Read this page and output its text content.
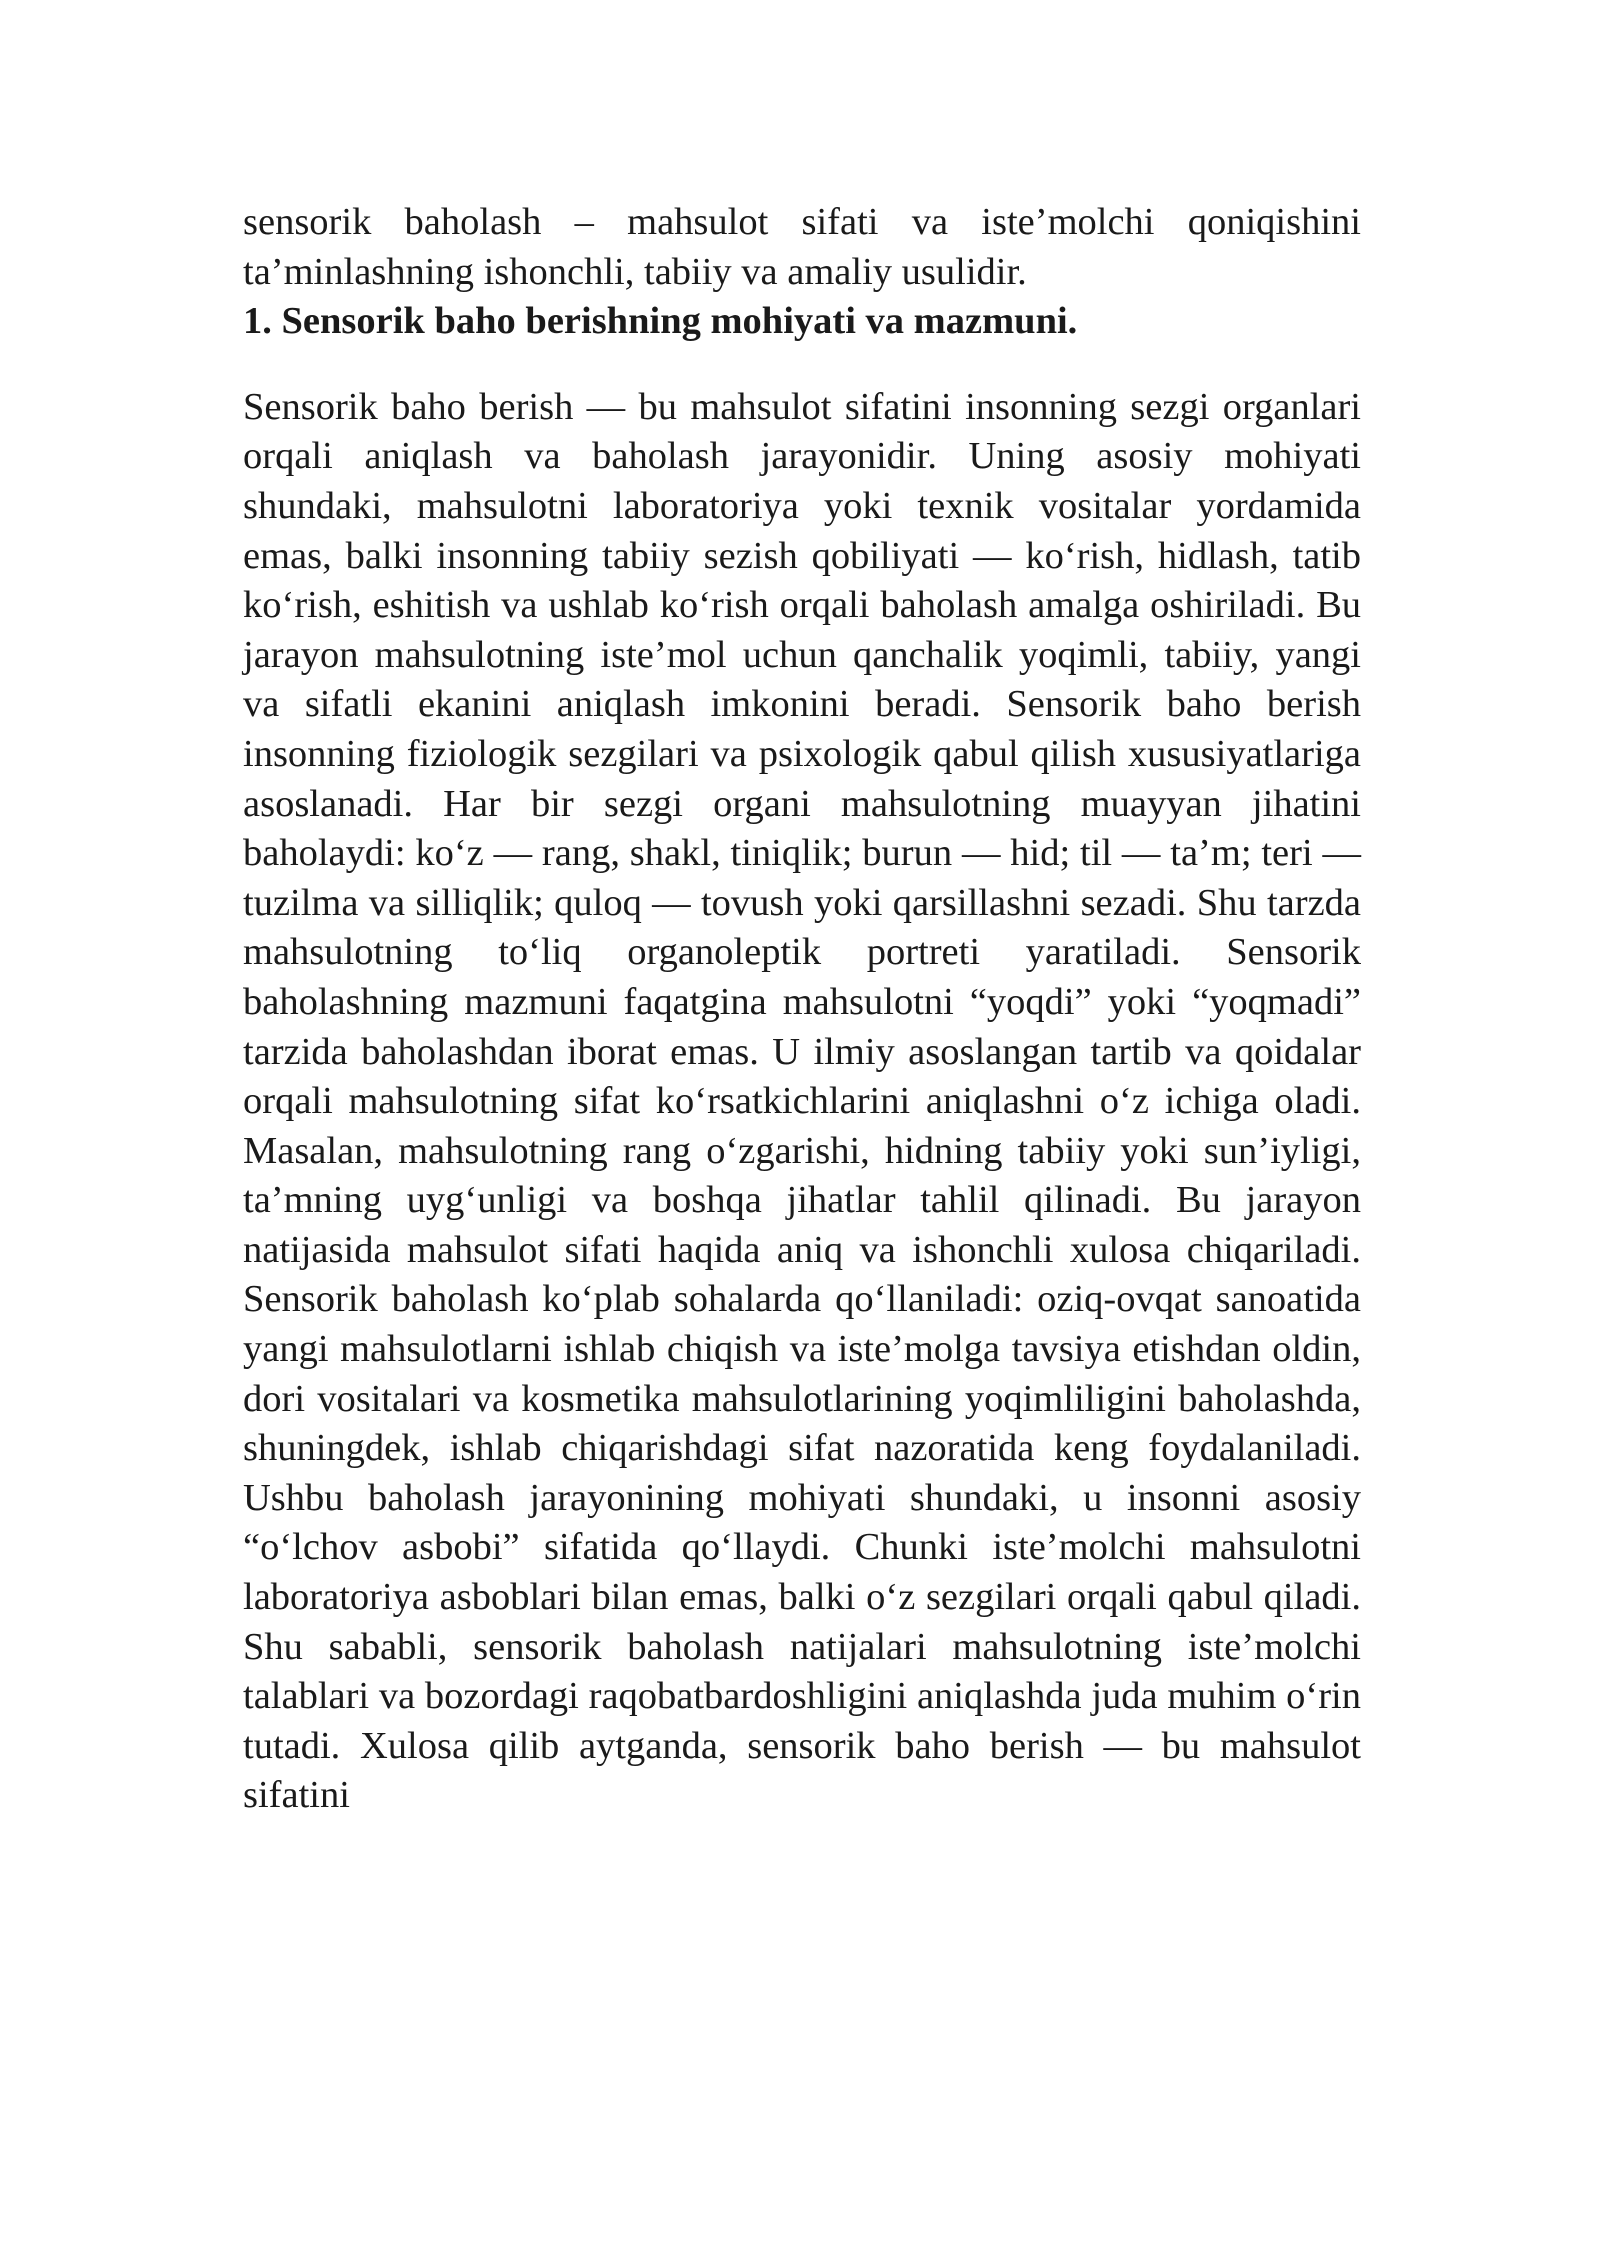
sensorik baholash – mahsulot sifati va iste’molchi qoniqishini ta’minlashning ishonchli, tabiiy va amaliy usulidir.

1. Sensorik baho berishning mohiyati va mazmuni.

Sensorik baho berish — bu mahsulot sifatini insonning sezgi organlari orqali aniqlash va baholash jarayonidir. Uning asosiy mohiyati shundaki, mahsulotni laboratoriya yoki texnik vositalar yordamida emas, balki insonning tabiiy sezish qobiliyati — ko‘rish, hidlash, tatib ko‘rish, eshitish va ushlab ko‘rish orqali baholash amalga oshiriladi. Bu jarayon mahsulotning iste’mol uchun qanchalik yoqimli, tabiiy, yangi va sifatli ekanini aniqlash imkonini beradi. Sensorik baho berish insonning fiziologik sezgilari va psixologik qabul qilish xususiyatlariga asoslanadi. Har bir sezgi organi mahsulotning muayyan jihatini baholaydi: ko‘z — rang, shakl, tiniqlik; burun — hid; til — ta’m; teri — tuzilma va silliqlik; quloq — tovush yoki qarsillashni sezadi. Shu tarzda mahsulotning to‘liq organoleptik portreti yaratiladi. Sensorik baholashning mazmuni faqatgina mahsulotni “yoqdi” yoki “yoqmadi” tarzida baholashdan iborat emas. U ilmiy asoslangan tartib va qoidalar orqali mahsulotning sifat ko‘rsatkichlarini aniqlashni o‘z ichiga oladi. Masalan, mahsulotning rang o‘zgarishi, hidning tabiiy yoki sun’iyligi, ta’mning uyg‘unligi va boshqa jihatlar tahlil qilinadi. Bu jarayon natijasida mahsulot sifati haqida aniq va ishonchli xulosa chiqariladi. Sensorik baholash ko‘plab sohalarda qo‘llaniladi: oziq-ovqat sanoatida yangi mahsulotlarni ishlab chiqish va iste’molga tavsiya etishdan oldin, dori vositalari va kosmetika mahsulotlarining yoqimliligini baholashda, shuningdek, ishlab chiqarishdagi sifat nazoratida keng foydalaniladi. Ushbu baholash jarayonining mohiyati shundaki, u insonni asosiy “o‘lchov asbobi” sifatida qo‘llaydi. Chunki iste’molchi mahsulotni laboratoriya asboblari bilan emas, balki o‘z sezgilari orqali qabul qiladi. Shu sababli, sensorik baholash natijalari mahsulotning iste’molchi talablari va bozordagi raqobatbardoshligini aniqlashda juda muhim o‘rin tutadi. Xulosa qilib aytganda, sensorik baho berish — bu mahsulot sifatini
